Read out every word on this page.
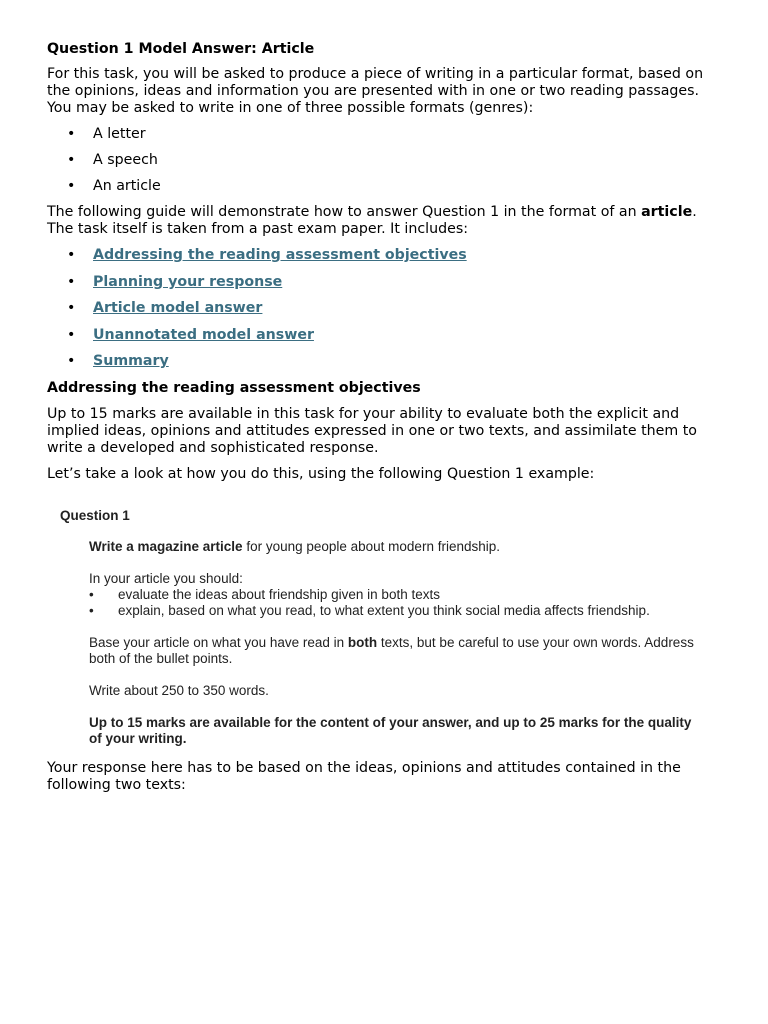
Question 1 Model Answer: Article

For this task, you will be asked to produce a piece of writing in a particular format, based on the opinions, ideas and information you are presented with in one or two reading passages. You may be asked to write in one of three possible formats (genres):

• A letter
• A speech
• An article

The following guide will demonstrate how to answer Question 1 in the format of an article. The task itself is taken from a past exam paper. It includes:

• Addressing the reading assessment objectives
• Planning your response
• Article model answer
• Unannotated model answer
• Summary
Addressing the reading assessment objectives

Up to 15 marks are available in this task for your ability to evaluate both the explicit and implied ideas, opinions and attitudes expressed in one or two texts, and assimilate them to write a developed and sophisticated response.

Let’s take a look at how you do this, using the following Question 1 example:

Question 1

Write a magazine article for young people about modern friendship.

In your article you should:

• evaluate the ideas about friendship given in both texts
• explain, based on what you read, to what extent you think social media affects friendship.

Base your article on what you have read in both texts, but be careful to use your own words. Address both of the bullet points.

Write about 250 to 350 words.

Up to 15 marks are available for the content of your answer, and up to 25 marks for the quality of your writing.

Your response here has to be based on the ideas, opinions and attitudes contained in the following two texts:
